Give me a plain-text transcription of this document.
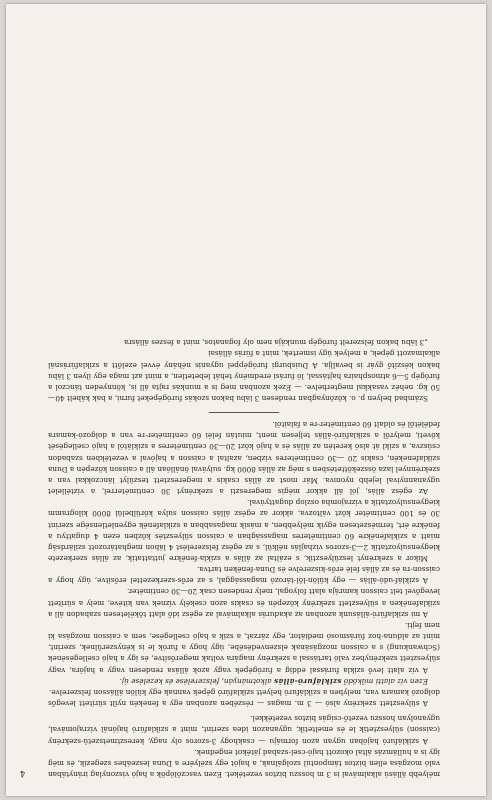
4	mélyebb ällású alkalmával is 3 m hosszu biztos vezetéket. Ezen vasczölöpök a hajó viszonylag iránytában való mozgása ellen biztos támpontul szolgálnak, a hajót egy szélyére a Duna leszeáhes szegezik, és még így is a hullámzás által okozott hajó-csel-szabad játékot engednek.

A szikláfuró hajóban ugyan azon formáju — csakhogy 3-szoros oly nagy, keresztmetszetü-szekrény (caisson) sülyesztetik le és emeltetik, ugyanazon idea szerint, mint a sziklafúró hajónál vízrajomával, ugyanolyan hosszu vezető-csigás biztos vezetékkel.

A sülyesztett szekrény alsó — 3 m. magas — részében azonban egy a fenekén nyílt sürített levegős dolgozó kamara van, melyben a szikláfuró helyett sziklafúró gépek vannak egy külön állásson felszerelve.

Ezen víz alatti működő szikláfuró-állás alkotmányán, felszerelése és kezelése új.

A víz alatt levő szikla furással eddig a furógépek vagy azok állása rendesen vagy a hajóra, vagy sülyesztett szekrényhez való tartással a szekrény magára voltak megerősítve, és így a hajó csellegésének (Schwankung) s a caisson mozgásának elszenvedésébe, úgy hogy a furók le is kényszerülnek, szerint, mint az alduna-hoz fúrásmosó mediátor, egy zárzat, a szik a hajó csellegése, sem a caisson mozgása ki nem fejti.

A mi sziklafúró-állásunk azonban az akadurás alkalmával az egész idő alatt tökéletesen szabadon áll a sziklafenéken a sülyesztett szekrény közepén és csakis azon csekély víznek van kitéve, mely a sürített levegővel telt caisson kamrája alatt folyogal, mely rendesen csak 20—30 centiméter.

A szikláf-udó-állás — egy külön-löl-tározó magassággal, s az erős-szerkezettel erősítve, úgy hogy a caisson-ra és az állás felé erős-kiszerelve és Duna-fenéken tartva.

Mikor a szekrényt leszülyesztik, s ezáltal az állás a szikla-fenékre juttattatik, az állás szerkezete kiegyensulyoztatik 2—3-szoros vizhajlás nélkül, s az egész felszerelést 4 lábon meghatározott szilárdság miatt a sziklafenékre 60 centiméteres magasságban a caisson sülyesztés közben ezen 4 dugattyu a fenékre ért, természetesen egyik mélyebben, a másik magasabban a sziklafenék egyenletlensége szerint 30 és 100 centiméter közt változva, akkor az egész állás caisson sulya körülbelül 8000 kilogramm kiegyensulyoztatik a vízrajomba oszlop dugattyúval.

Az egész állás, jól áll akkor mégis megereszti a szekrényt 30 centiméterrel, a víztéllelet ugyanannyival lejebb nyomva. Már most az állás csakis a megeresztett teszülyt lánczokkal van a szekrénnyel laza összeköttetésben s még az állás 8000 kg. sulyával önállóan áll a caisson közepén a Duna sziklafenekén, csakis 20 —30 centiméteres vízben, azaltal a caisson a hajóval a vezetékben szabadon csúszva, a szikl át alsó keretén az állás és a hajó közt 20—30 centiméteres a sziklától a hajó csellegését követi, melyről a sziklafúró-állás teljesen ment, miután feléi 60 centiméter-re van a dolgozó-kamara fedélétől és oldalt 60 centiméter-re a falaitól.

Számbad belyen p. o. közönyagban rendesen 3 lábu bakon szokás furógépeket furni, a bak kábelt 40—50 kg. nehéz vasakkal megterhelve. — Ezek azonban meg is a munkás rajta áll is, könnyeden tánczol a furógép 5—6 atmosphaira hajtással, ló furási eredmény tehát lebetetlen, a mint azt maga egy ilyen 3 lábu bakon készítő gyár is bevallja. A Duisburgi furógéppel ugyanis néhány évvel ezelőtt a sziklafúrásnál alkalmazott gépek, a melyek úgy ismertek, mint a fúrás állásai

„3 lábu bakon felszerelt furógép munkája nem oly foganatos, mint a feszes állásra
